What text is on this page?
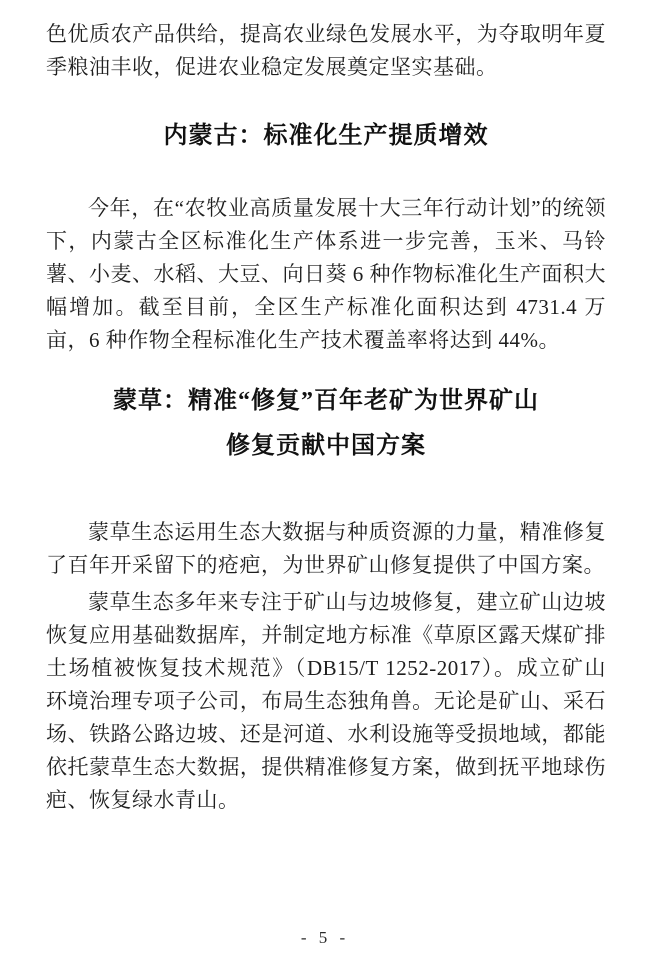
色优质农产品供给，提高农业绿色发展水平，为夺取明年夏季粮油丰收，促进农业稳定发展奠定坚实基础。

内蒙古：标准化生产提质增效

今年，在“农牧业高质量发展十大三年行动计划”的统领下，内蒙古全区标准化生产体系进一步完善，玉米、马铃薯、小麦、水稻、大豆、向日葵 6 种作物标准化生产面积大幅增加。截至目前，全区生产标准化面积达到 4731.4 万亩，6 种作物全程标准化生产技术覆盖率将达到 44%。

蒙草：精准“修复”百年老矿为世界矿山
修复贡献中国方案

蒙草生态运用生态大数据与种质资源的力量，精准修复了百年开采留下的疮疤，为世界矿山修复提供了中国方案。

蒙草生态多年来专注于矿山与边坡修复，建立矿山边坡恢复应用基础数据库，并制定地方标准《草原区露天煤矿排土场植被恢复技术规范》（DB15/T 1252-2017）。成立矿山环境治理专项子公司，布局生态独角兽。无论是矿山、采石场、铁路公路边坡、还是河道、水利设施等受损地域，都能依托蒙草生态大数据，提供精准修复方案，做到抚平地球伤疤、恢复绿水青山。

- 5 -
